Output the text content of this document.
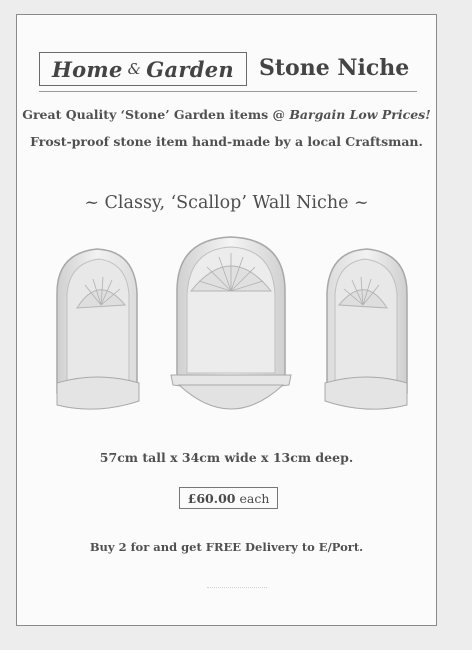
Home & Garden Stone Niche
Great Quality ‘Stone’ Garden items @ Bargain Low Prices!
Frost-proof stone item hand-made by a local Craftsman.
~ Classy, ‘Scallop’ Wall Niche ~
57cm tall x 34cm wide x 13cm deep.
£60.00 each
Buy 2 for and get FREE Delivery to E/Port.
